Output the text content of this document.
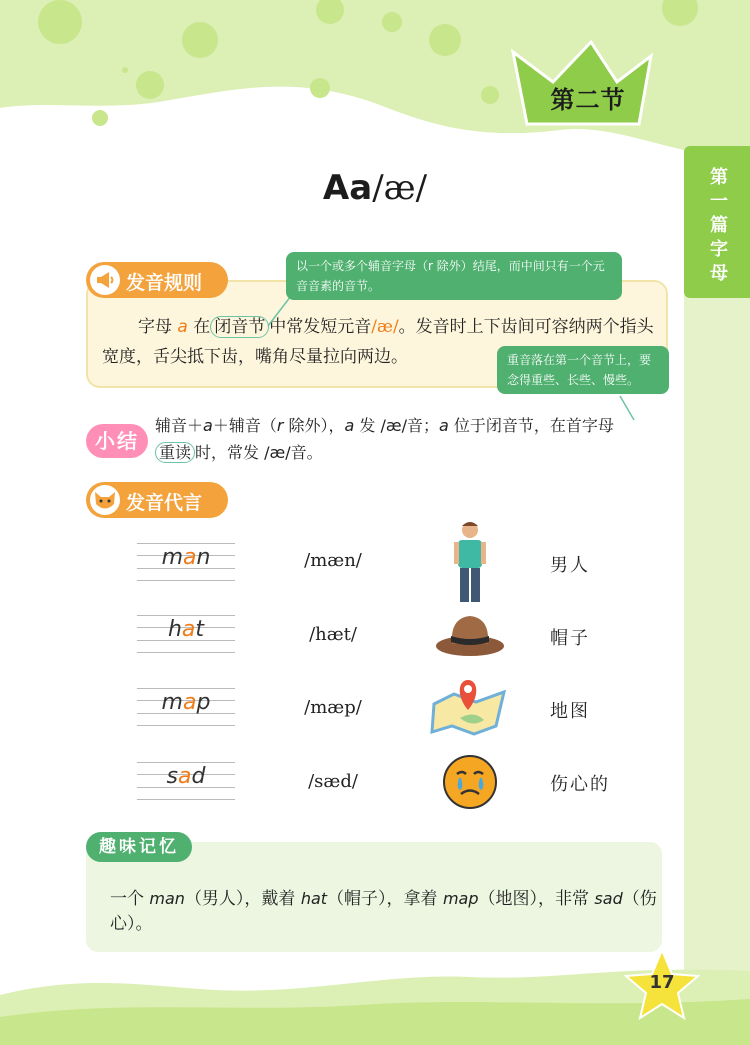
第二节
第一篇字母
Aa/æ/
发音规则
字母 a 在 闭音节 中常发短元音/æ/。发音时上下齿间可容纳两个指头宽度，舌尖抵下齿，嘴角尽量拉向两边。
以一个或多个辅音字母（r 除外）结尾，而中间只有一个元音音素的音节。
重音落在第一个音节上，要念得重些、长些、慢些。
小结
辅音＋a＋辅音（r 除外），a 发 /æ/音；a 位于闭音节，在首字母
重读 时，常发 /æ/音。
发音代言
man	/mæn/	男人
hat	/hæt/	帽子
map	/mæp/	地图
sad	/sæd/	伤心的
趣味记忆
一个 man（男人），戴着 hat（帽子），拿着 map（地图），非常 sad（伤心）。
17
